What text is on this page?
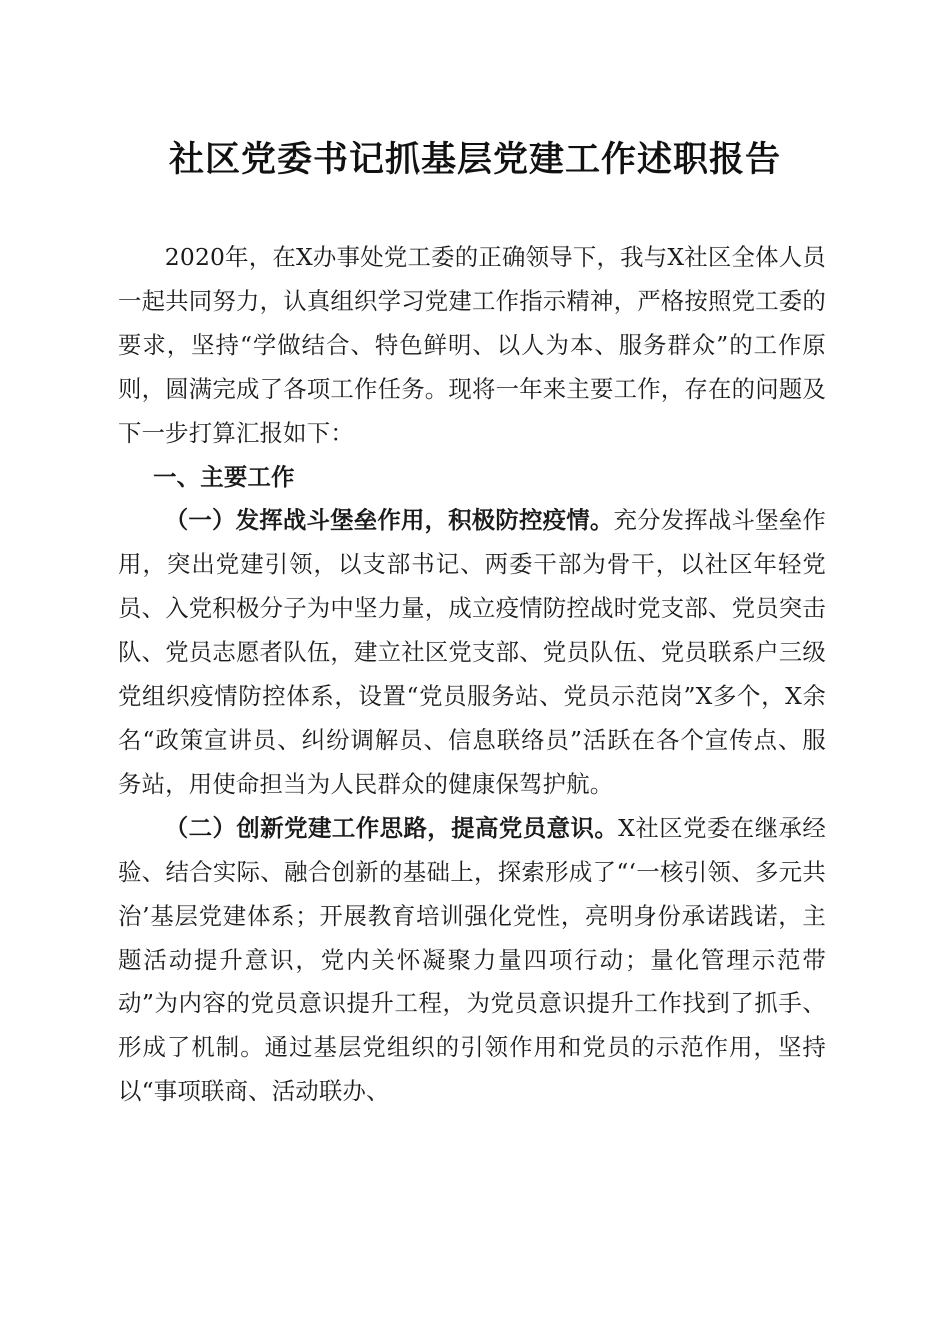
社区党委书记抓基层党建工作述职报告

2020年，在X办事处党工委的正确领导下，我与X社区全体人员一起共同努力，认真组织学习党建工作指示精神，严格按照党工委的要求，坚持“学做结合、特色鲜明、以人为本、服务群众”的工作原则，圆满完成了各项工作任务。现将一年来主要工作，存在的问题及下一步打算汇报如下：

一、主要工作

（一）发挥战斗堡垒作用，积极防控疫情。充分发挥战斗堡垒作用，突出党建引领，以支部书记、两委干部为骨干，以社区年轻党员、入党积极分子为中坚力量，成立疫情防控战时党支部、党员突击队、党员志愿者队伍，建立社区党支部、党员队伍、党员联系户三级党组织疫情防控体系，设置“党员服务站、党员示范岗”X多个，X余名“政策宣讲员、纠纷调解员、信息联络员”活跃在各个宣传点、服务站，用使命担当为人民群众的健康保驾护航。

（二）创新党建工作思路，提高党员意识。X社区党委在继承经验、结合实际、融合创新的基础上，探索形成了“‘一核引领、多元共治’基层党建体系；开展教育培训强化党性，亮明身份承诺践诺，主题活动提升意识，党内关怀凝聚力量四项行动；量化管理示范带动”为内容的党员意识提升工程，为党员意识提升工作找到了抓手、形成了机制。通过基层党组织的引领作用和党员的示范作用，坚持以“事项联商、活动联办、
